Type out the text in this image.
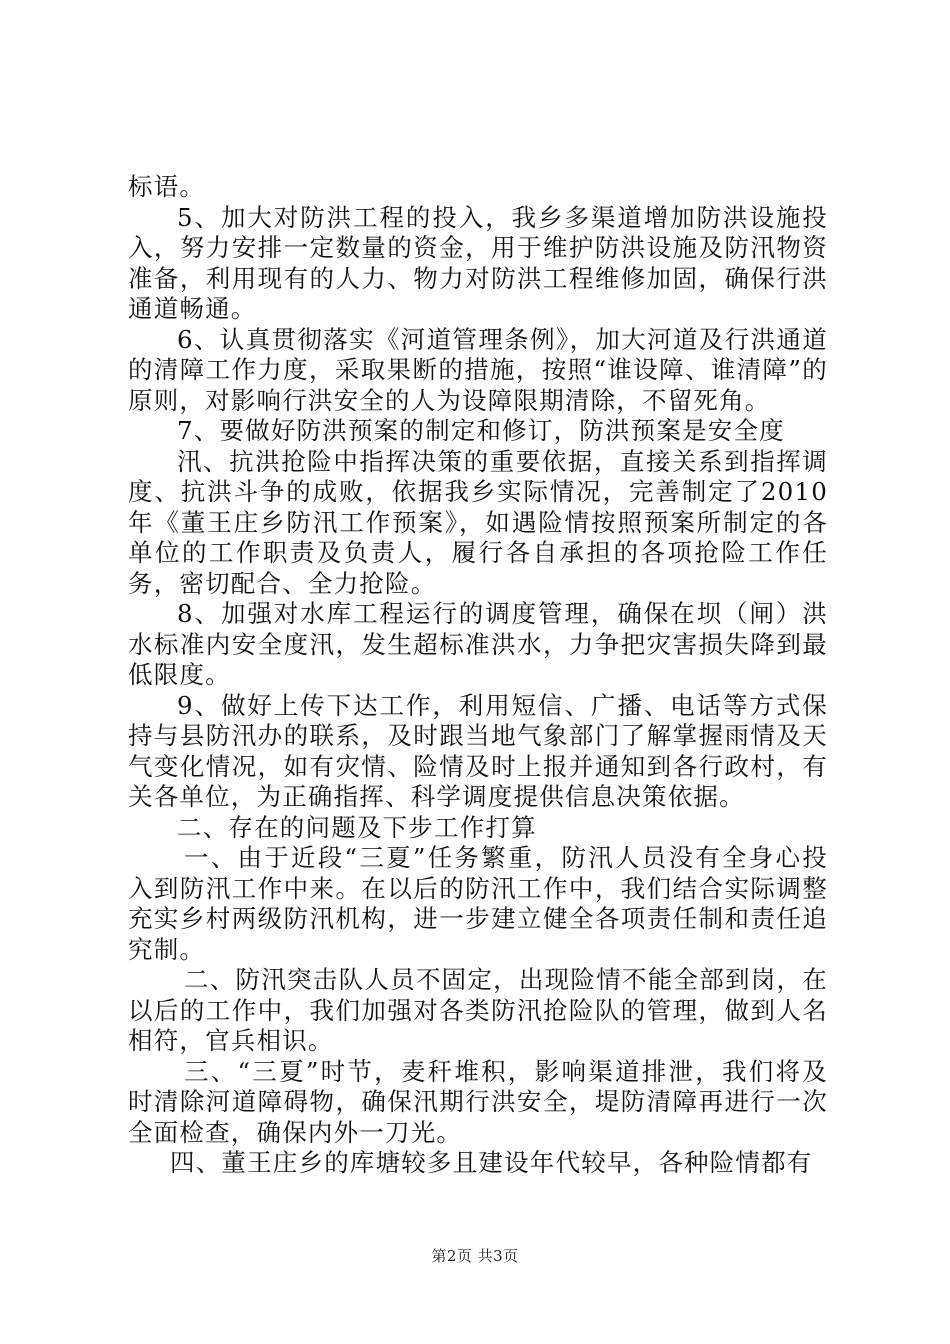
标语。

5、加大对防洪工程的投入，我乡多渠道增加防洪设施投入，努力安排一定数量的资金，用于维护防洪设施及防汛物资准备，利用现有的人力、物力对防洪工程维修加固，确保行洪通道畅通。

6、认真贯彻落实《河道管理条例》，加大河道及行洪通道的清障工作力度，采取果断的措施，按照“谁设障、谁清障”的原则，对影响行洪安全的人为设障限期清除，不留死角。

7、要做好防洪预案的制定和修订，防洪预案是安全度

汛、抗洪抢险中指挥决策的重要依据，直接关系到指挥调度、抗洪斗争的成败，依据我乡实际情况，完善制定了2010年《董王庄乡防汛工作预案》，如遇险情按照预案所制定的各单位的工作职责及负责人，履行各自承担的各项抢险工作任务，密切配合、全力抢险。

8、加强对水库工程运行的调度管理，确保在坝（闸）洪水标准内安全度汛，发生超标准洪水，力争把灾害损失降到最低限度。

9、做好上传下达工作，利用短信、广播、电话等方式保持与县防汛办的联系，及时跟当地气象部门了解掌握雨情及天气变化情况，如有灾情、险情及时上报并通知到各行政村，有关各单位，为正确指挥、科学调度提供信息决策依据。

二、存在的问题及下步工作打算

一、由于近段“三夏”任务繁重，防汛人员没有全身心投入到防汛工作中来。在以后的防汛工作中，我们结合实际调整充实乡村两级防汛机构，进一步建立健全各项责任制和责任追究制。

二、防汛突击队人员不固定，出现险情不能全部到岗，在以后的工作中，我们加强对各类防汛抢险队的管理，做到人名相符，官兵相识。

三、“三夏”时节，麦秆堆积，影响渠道排泄，我们将及时清除河道障碍物，确保汛期行洪安全，堤防清障再进行一次全面检查，确保内外一刀光。

四、董王庄乡的库塘较多且建设年代较早，各种险情都有

第2页 共3页
